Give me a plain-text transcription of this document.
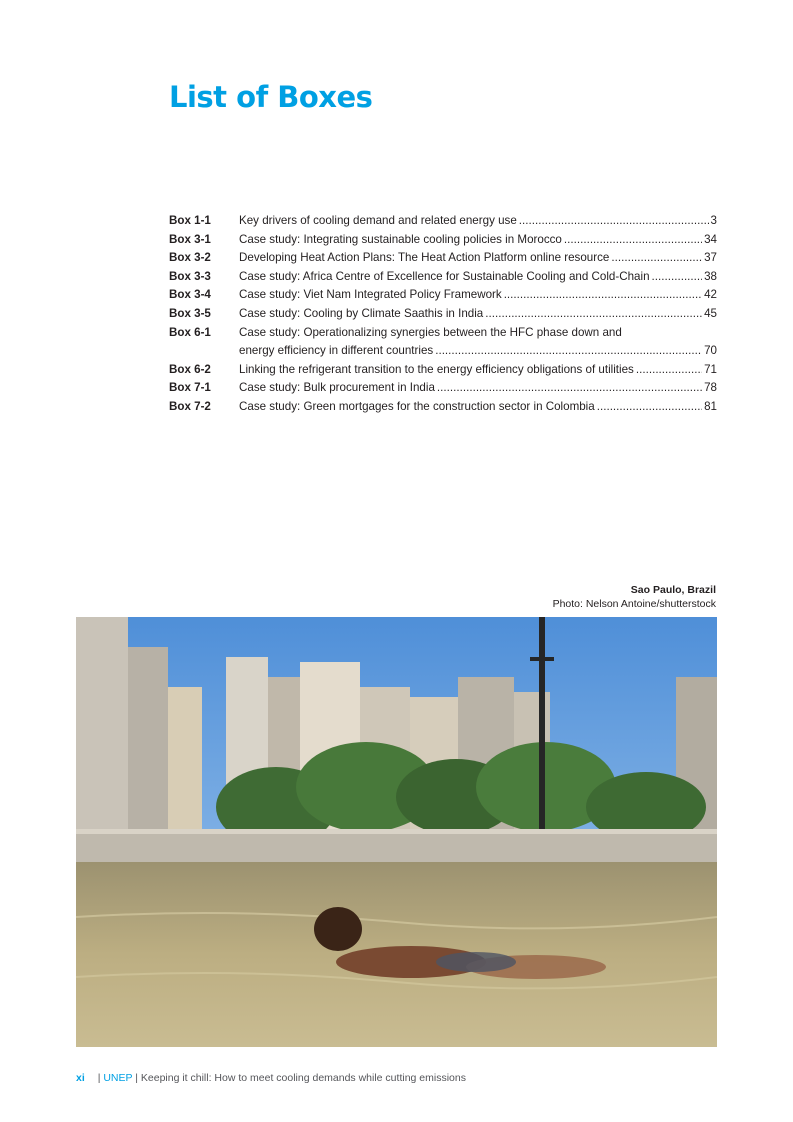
List of Boxes
Box 1-1	Key drivers of cooling demand and related energy use . . .	3
Box 3-1	Case study: Integrating sustainable cooling policies in Morocco . . .	34
Box 3-2	Developing Heat Action Plans: The Heat Action Platform online resource . . .	37
Box 3-3	Case study: Africa Centre of Excellence for Sustainable Cooling and Cold-Chain . . .	38
Box 3-4	Case study: Viet Nam Integrated Policy Framework . . .	42
Box 3-5	Case study: Cooling by Climate Saathis in India . . .	45
Box 6-1	Case study: Operationalizing synergies between the HFC phase down and
energy efficiency in different countries . . .	70
Box 6-2	Linking the refrigerant transition to the energy efficiency obligations of utilities . . .	71
Box 7-1	Case study: Bulk procurement in India . . .	78
Box 7-2	Case study: Green mortgages for the construction sector in Colombia . . .	81

Sao Paulo, Brazil

Photo: Nelson Antoine/shutterstock

xi | UNEP | Keeping it chill: How to meet cooling demands while cutting emissions
